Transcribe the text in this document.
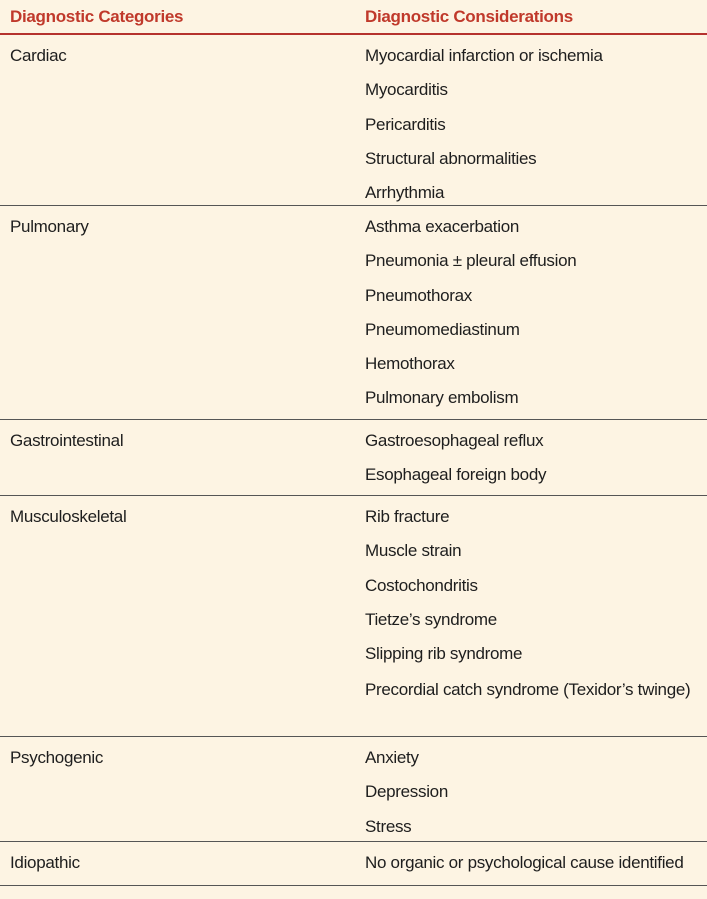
Diagnostic Categories	Diagnostic Considerations
Cardiac	Myocardial infarction or ischemia
Myocarditis
Pericarditis
Structural abnormalities
Arrhythmia
Pulmonary	Asthma exacerbation
Pneumonia ± pleural effusion
Pneumothorax
Pneumomediastinum
Hemothorax
Pulmonary embolism
Gastrointestinal	Gastroesophageal reflux
Esophageal foreign body
Musculoskeletal	Rib fracture
Muscle strain
Costochondritis
Tietze’s syndrome
Slipping rib syndrome
Precordial catch syndrome (Texidor’s twinge)
Psychogenic	Anxiety
Depression
Stress
Idiopathic	No organic or psychological cause identified
